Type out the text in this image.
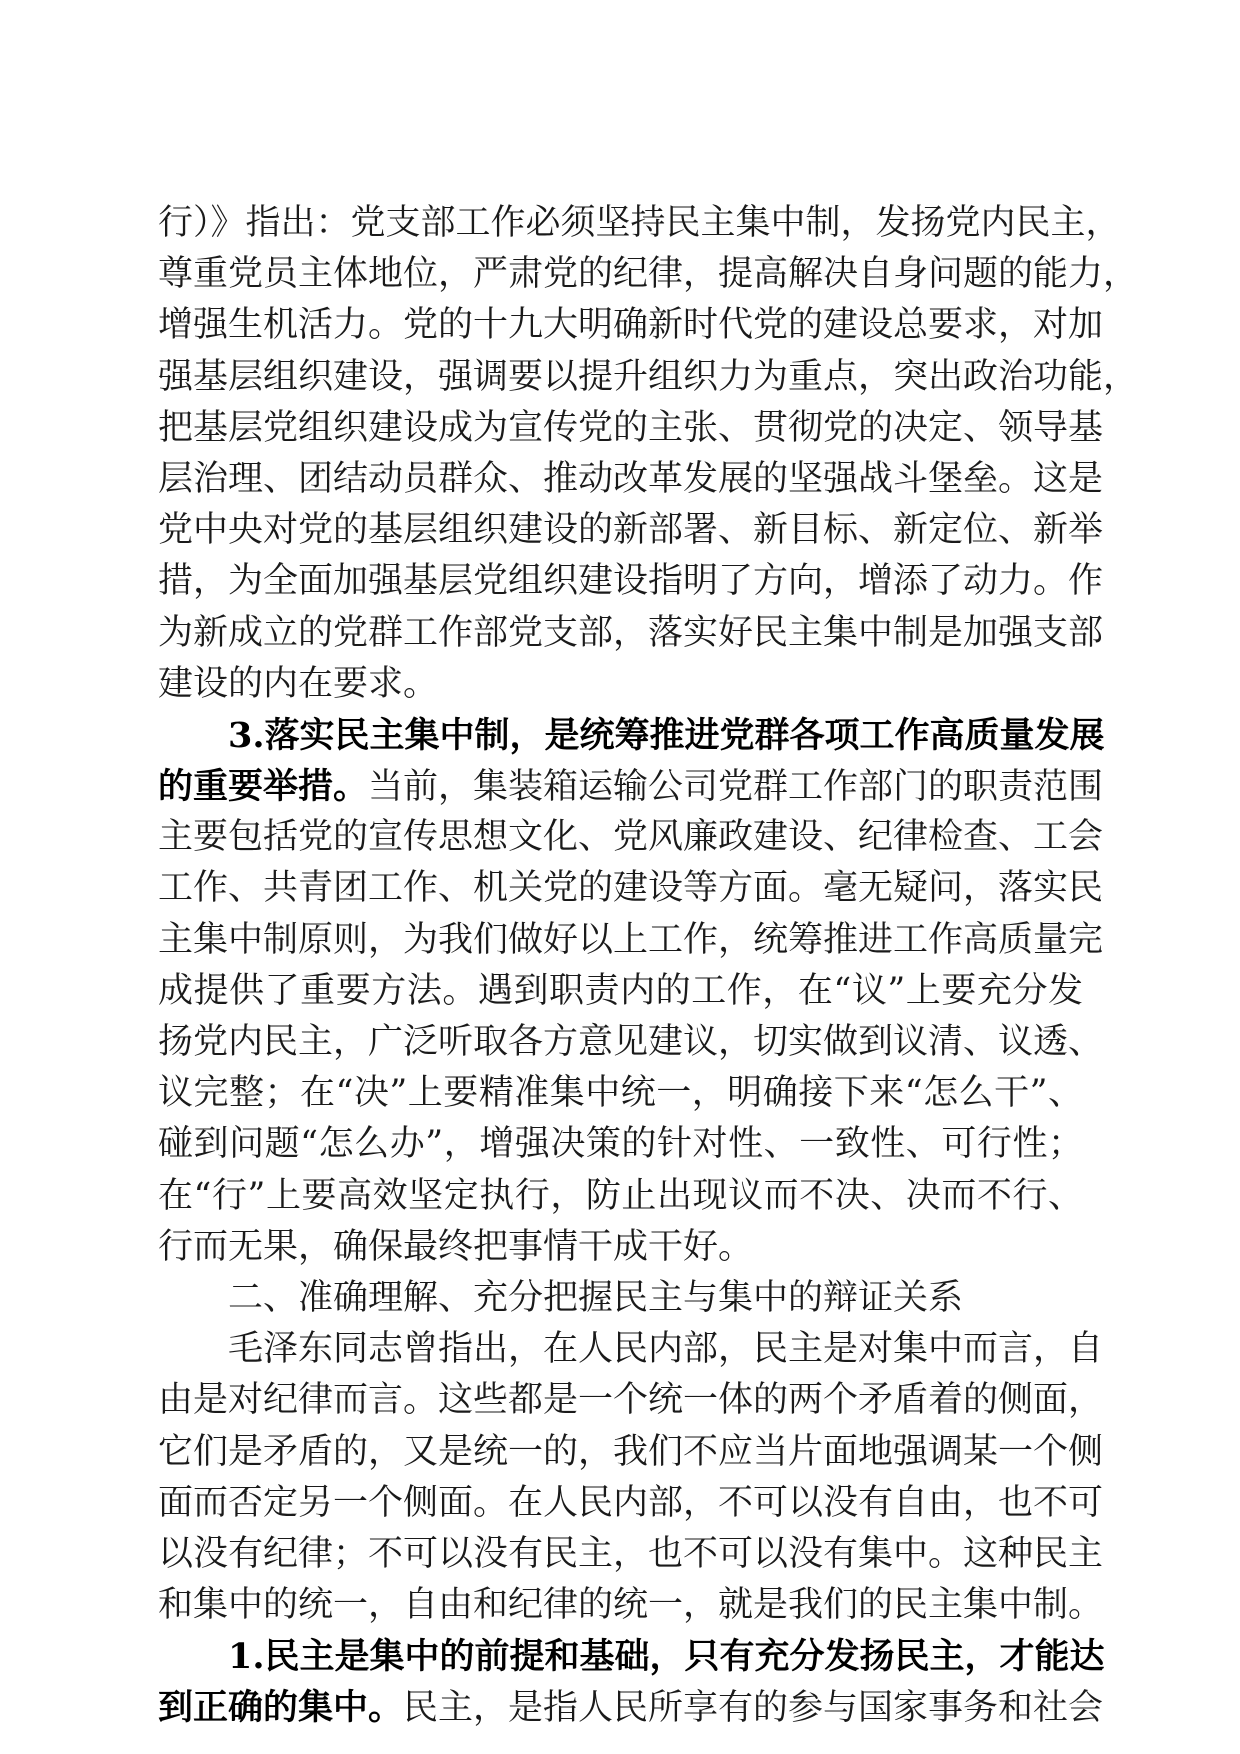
行）》指出：党支部工作必须坚持民主集中制，发扬党内民主，
尊重党员主体地位，严肃党的纪律，提高解决自身问题的能力，
增强生机活力。党的十九大明确新时代党的建设总要求，对加
强基层组织建设，强调要以提升组织力为重点，突出政治功能，
把基层党组织建设成为宣传党的主张、贯彻党的决定、领导基
层治理、团结动员群众、推动改革发展的坚强战斗堡垒。这是
党中央对党的基层组织建设的新部署、新目标、新定位、新举
措，为全面加强基层党组织建设指明了方向，增添了动力。作
为新成立的党群工作部党支部，落实好民主集中制是加强支部
建设的内在要求。
3.落实民主集中制，是统筹推进党群各项工作高质量发展
的重要举措。当前，集装箱运输公司党群工作部门的职责范围
主要包括党的宣传思想文化、党风廉政建设、纪律检查、工会
工作、共青团工作、机关党的建设等方面。毫无疑问，落实民
主集中制原则，为我们做好以上工作，统筹推进工作高质量完
成提供了重要方法。遇到职责内的工作，在“议”上要充分发
扬党内民主，广泛听取各方意见建议，切实做到议清、议透、
议完整；在“决”上要精准集中统一，明确接下来“怎么干”、
碰到问题“怎么办”，增强决策的针对性、一致性、可行性；
在“行”上要高效坚定执行，防止出现议而不决、决而不行、
行而无果，确保最终把事情干成干好。
二、准确理解、充分把握民主与集中的辩证关系
毛泽东同志曾指出，在人民内部，民主是对集中而言，自
由是对纪律而言。这些都是一个统一体的两个矛盾着的侧面，
它们是矛盾的，又是统一的，我们不应当片面地强调某一个侧
面而否定另一个侧面。在人民内部，不可以没有自由，也不可
以没有纪律；不可以没有民主，也不可以没有集中。这种民主
和集中的统一，自由和纪律的统一，就是我们的民主集中制。
1.民主是集中的前提和基础，只有充分发扬民主，才能达
到正确的集中。民主，是指人民所享有的参与国家事务和社会
